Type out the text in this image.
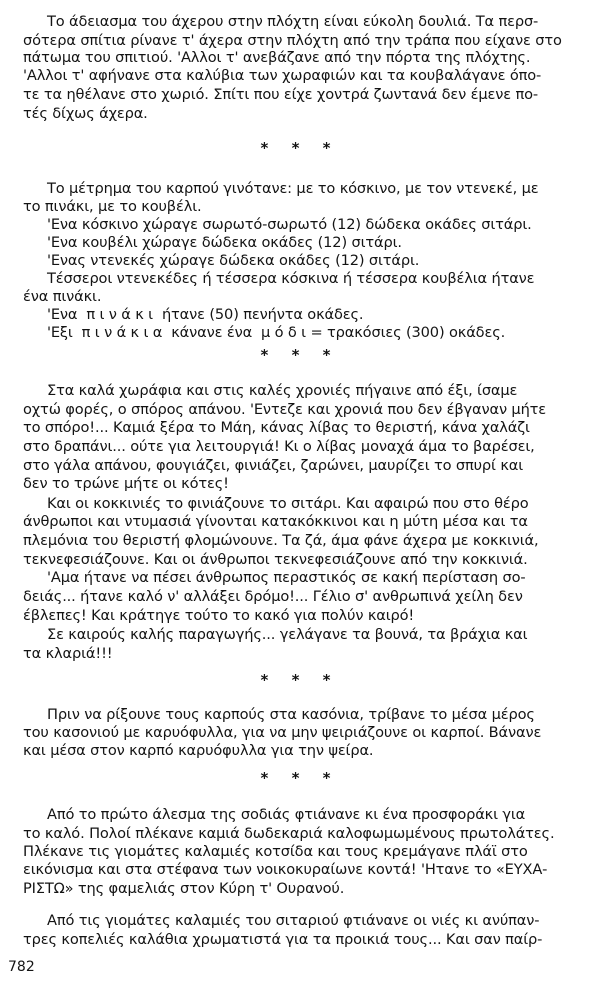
Το άδειασμα του άχερου στην πλόχτη είναι εύκολη δουλιά. Τα περσ-
σότερα σπίτια ρίνανε τ' άχερα στην πλόχτη από την τράπα που είχανε στο
πάτωμα του σπιτιού. 'Αλλοι τ' ανεβάζανε από την πόρτα της πλόχτης.
'Αλλοι τ' αφήνανε στα καλύβια των χωραφιών και τα κουβαλάγανε όπο-
τε τα ηθέλανε στο χωριό. Σπίτι που είχε χοντρά ζωντανά δεν έμενε πο-
τές δίχως άχερα.
* * *
Το μέτρημα του καρπού γινότανε: με το κόσκινο, με τον ντενεκέ, με
το πινάκι, με το κουβέλι.
'Ενα κόσκινο χώραγε σωρωτό-σωρωτό (12) δώδεκα οκάδες σιτάρι.
'Ενα κουβέλι χώραγε δώδεκα οκάδες (12) σιτάρι.
'Ενας ντενεκές χώραγε δώδεκα οκάδες (12) σιτάρι.
Τέσσεροι ντενεκέδες ή τέσσερα κόσκινα ή τέσσερα κουβέλια ήτανε
ένα πινάκι.
'Ενα  π ι ν ά κ ι  ήτανε (50) πενήντα οκάδες.
'Εξι  π ι ν ά κ ι α  κάνανε ένα  μ ό δ ι = τρακόσιες (300) οκάδες.
* * *
Στα καλά χωράφια και στις καλές χρονιές πήγαινε από έξι, ίσαμε
οχτώ φορές, ο σπόρος απάνου. 'Εντεζε και χρονιά που δεν έβγαναν μήτε
το σπόρο!... Καμιά ξέρα το Μάη, κάνας λίβας το θεριστή, κάνα χαλάζι
στο δραπάνι... ούτε για λειτουργιά! Κι ο λίβας μοναχά άμα το βαρέσει,
στο γάλα απάνου, φουγιάζει, φινιάζει, ζαρώνει, μαυρίζει το σπυρί και
δεν το τρώνε μήτε οι κότες!
Και οι κοκκινιές το φινιάζουνε το σιτάρι. Και αφαιρώ που στο θέρο
άνθρωποι και ντυμασιά γίνονται κατακόκκινοι και η μύτη μέσα και τα
πλεμόνια του θεριστή φλομώνουνε. Τα ζά, άμα φάνε άχερα με κοκκινιά,
τεκνεφεσιάζουνε. Και οι άνθρωποι τεκνεφεσιάζουνε από την κοκκινιά.
'Αμα ήτανε να πέσει άνθρωπος περαστικός σε κακή περίσταση σο-
δειάς... ήτανε καλό ν' αλλάξει δρόμο!... Γέλιο σ' ανθρωπινά χείλη δεν
έβλεπες! Και κράτηγε τούτο το κακό για πολύν καιρό!
Σε καιρούς καλής παραγωγής... γελάγανε τα βουνά, τα βράχια και
τα κλαριά!!!
* * *
Πριν να ρίξουνε τους καρπούς στα κασόνια, τρίβανε το μέσα μέρος
του κασονιού με καρυόφυλλα, για να μην ψειριάζουνε οι καρποί. Βάνανε
και μέσα στον καρπό καρυόφυλλα για την ψείρα.
* * *
Από το πρώτο άλεσμα της σοδιάς φτιάνανε κι ένα προσφοράκι για
το καλό. Πολοί πλέκανε καμιά δωδεκαριά καλοφωμωμένους πρωτολάτες.
Πλέκανε τις γιομάτες καλαμιές κοτσίδα και τους κρεμάγανε πλάϊ στο
εικόνισμα και στα στέφανα των νοικοκυραίωνε κοντά! 'Ητανε το «ΕΥΧΑ-
ΡΙΣΤΩ» της φαμελιάς στον Κύρη τ' Ουρανού.
Από τις γιομάτες καλαμιές του σιταριού φτιάνανε οι νιές κι ανύπαν-
τρες κοπελιές καλάθια χρωματιστά για τα προικιά τους... Και σαν παίρ-
782
